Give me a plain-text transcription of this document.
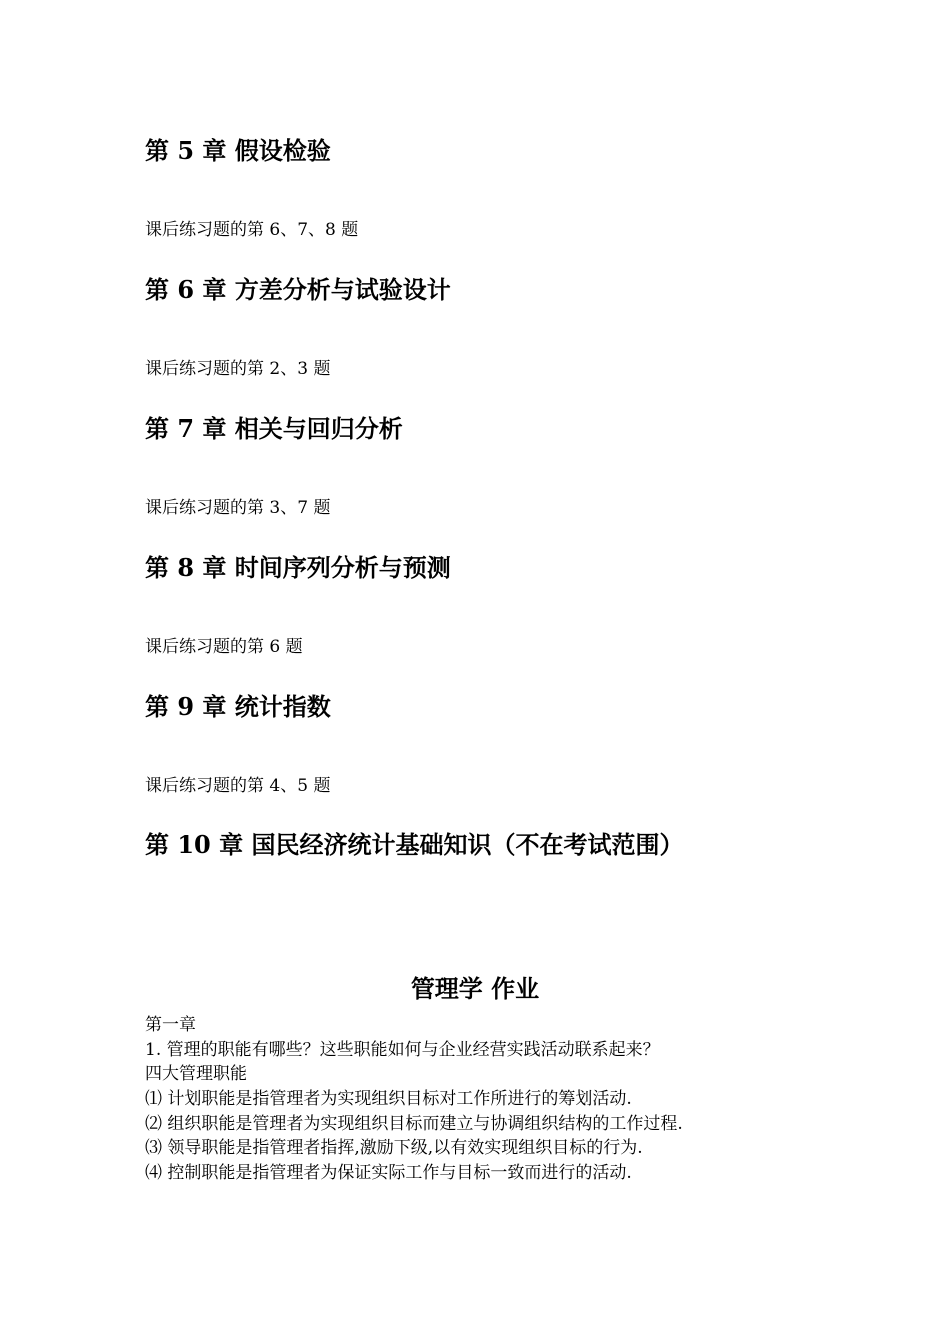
第 5 章 假设检验
课后练习题的第 6、7、8 题
第 6 章 方差分析与试验设计
课后练习题的第 2、3 题
第 7 章 相关与回归分析
课后练习题的第 3、7 题
第 8 章 时间序列分析与预测
课后练习题的第 6 题
第 9 章 统计指数
课后练习题的第 4、5 题
第 10 章 国民经济统计基础知识（不在考试范围）
管理学 作业
第一章
1. 管理的职能有哪些？这些职能如何与企业经营实践活动联系起来？
四大管理职能
⑴ 计划职能是指管理者为实现组织目标对工作所进行的筹划活动.
⑵ 组织职能是管理者为实现组织目标而建立与协调组织结构的工作过程.
⑶ 领导职能是指管理者指挥,激励下级,以有效实现组织目标的行为.
⑷ 控制职能是指管理者为保证实际工作与目标一致而进行的活动.
